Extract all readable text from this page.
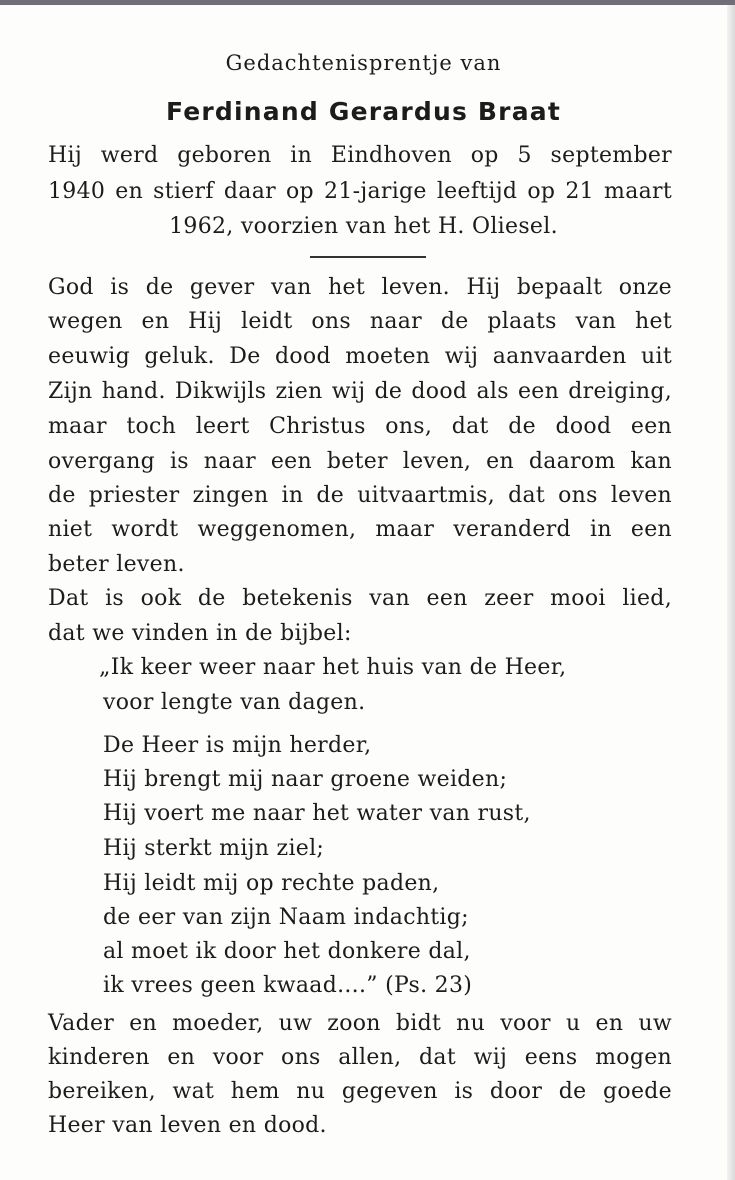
Gedachtenisprentje van
Ferdinand Gerardus Braat
Hij werd geboren in Eindhoven op 5 september
1940 en stierf daar op 21-jarige leeftijd op 21 maart
1962, voorzien van het H. Oliesel.
God is de gever van het leven. Hij bepaalt onze
wegen en Hij leidt ons naar de plaats van het
eeuwig geluk. De dood moeten wij aanvaarden uit
Zijn hand. Dikwijls zien wij de dood als een dreiging,
maar toch leert Christus ons, dat de dood een
overgang is naar een beter leven, en daarom kan
de priester zingen in de uitvaartmis, dat ons leven
niet wordt weggenomen, maar veranderd in een
beter leven.
Dat is ook de betekenis van een zeer mooi lied,
dat we vinden in de bijbel:
„Ik keer weer naar het huis van de Heer,
voor lengte van dagen.
De Heer is mijn herder,
Hij brengt mij naar groene weiden;
Hij voert me naar het water van rust,
Hij sterkt mijn ziel;
Hij leidt mij op rechte paden,
de eer van zijn Naam indachtig;
al moet ik door het donkere dal,
ik vrees geen kwaad....” (Ps. 23)
Vader en moeder, uw zoon bidt nu voor u en uw
kinderen en voor ons allen, dat wij eens mogen
bereiken, wat hem nu gegeven is door de goede
Heer van leven en dood.
